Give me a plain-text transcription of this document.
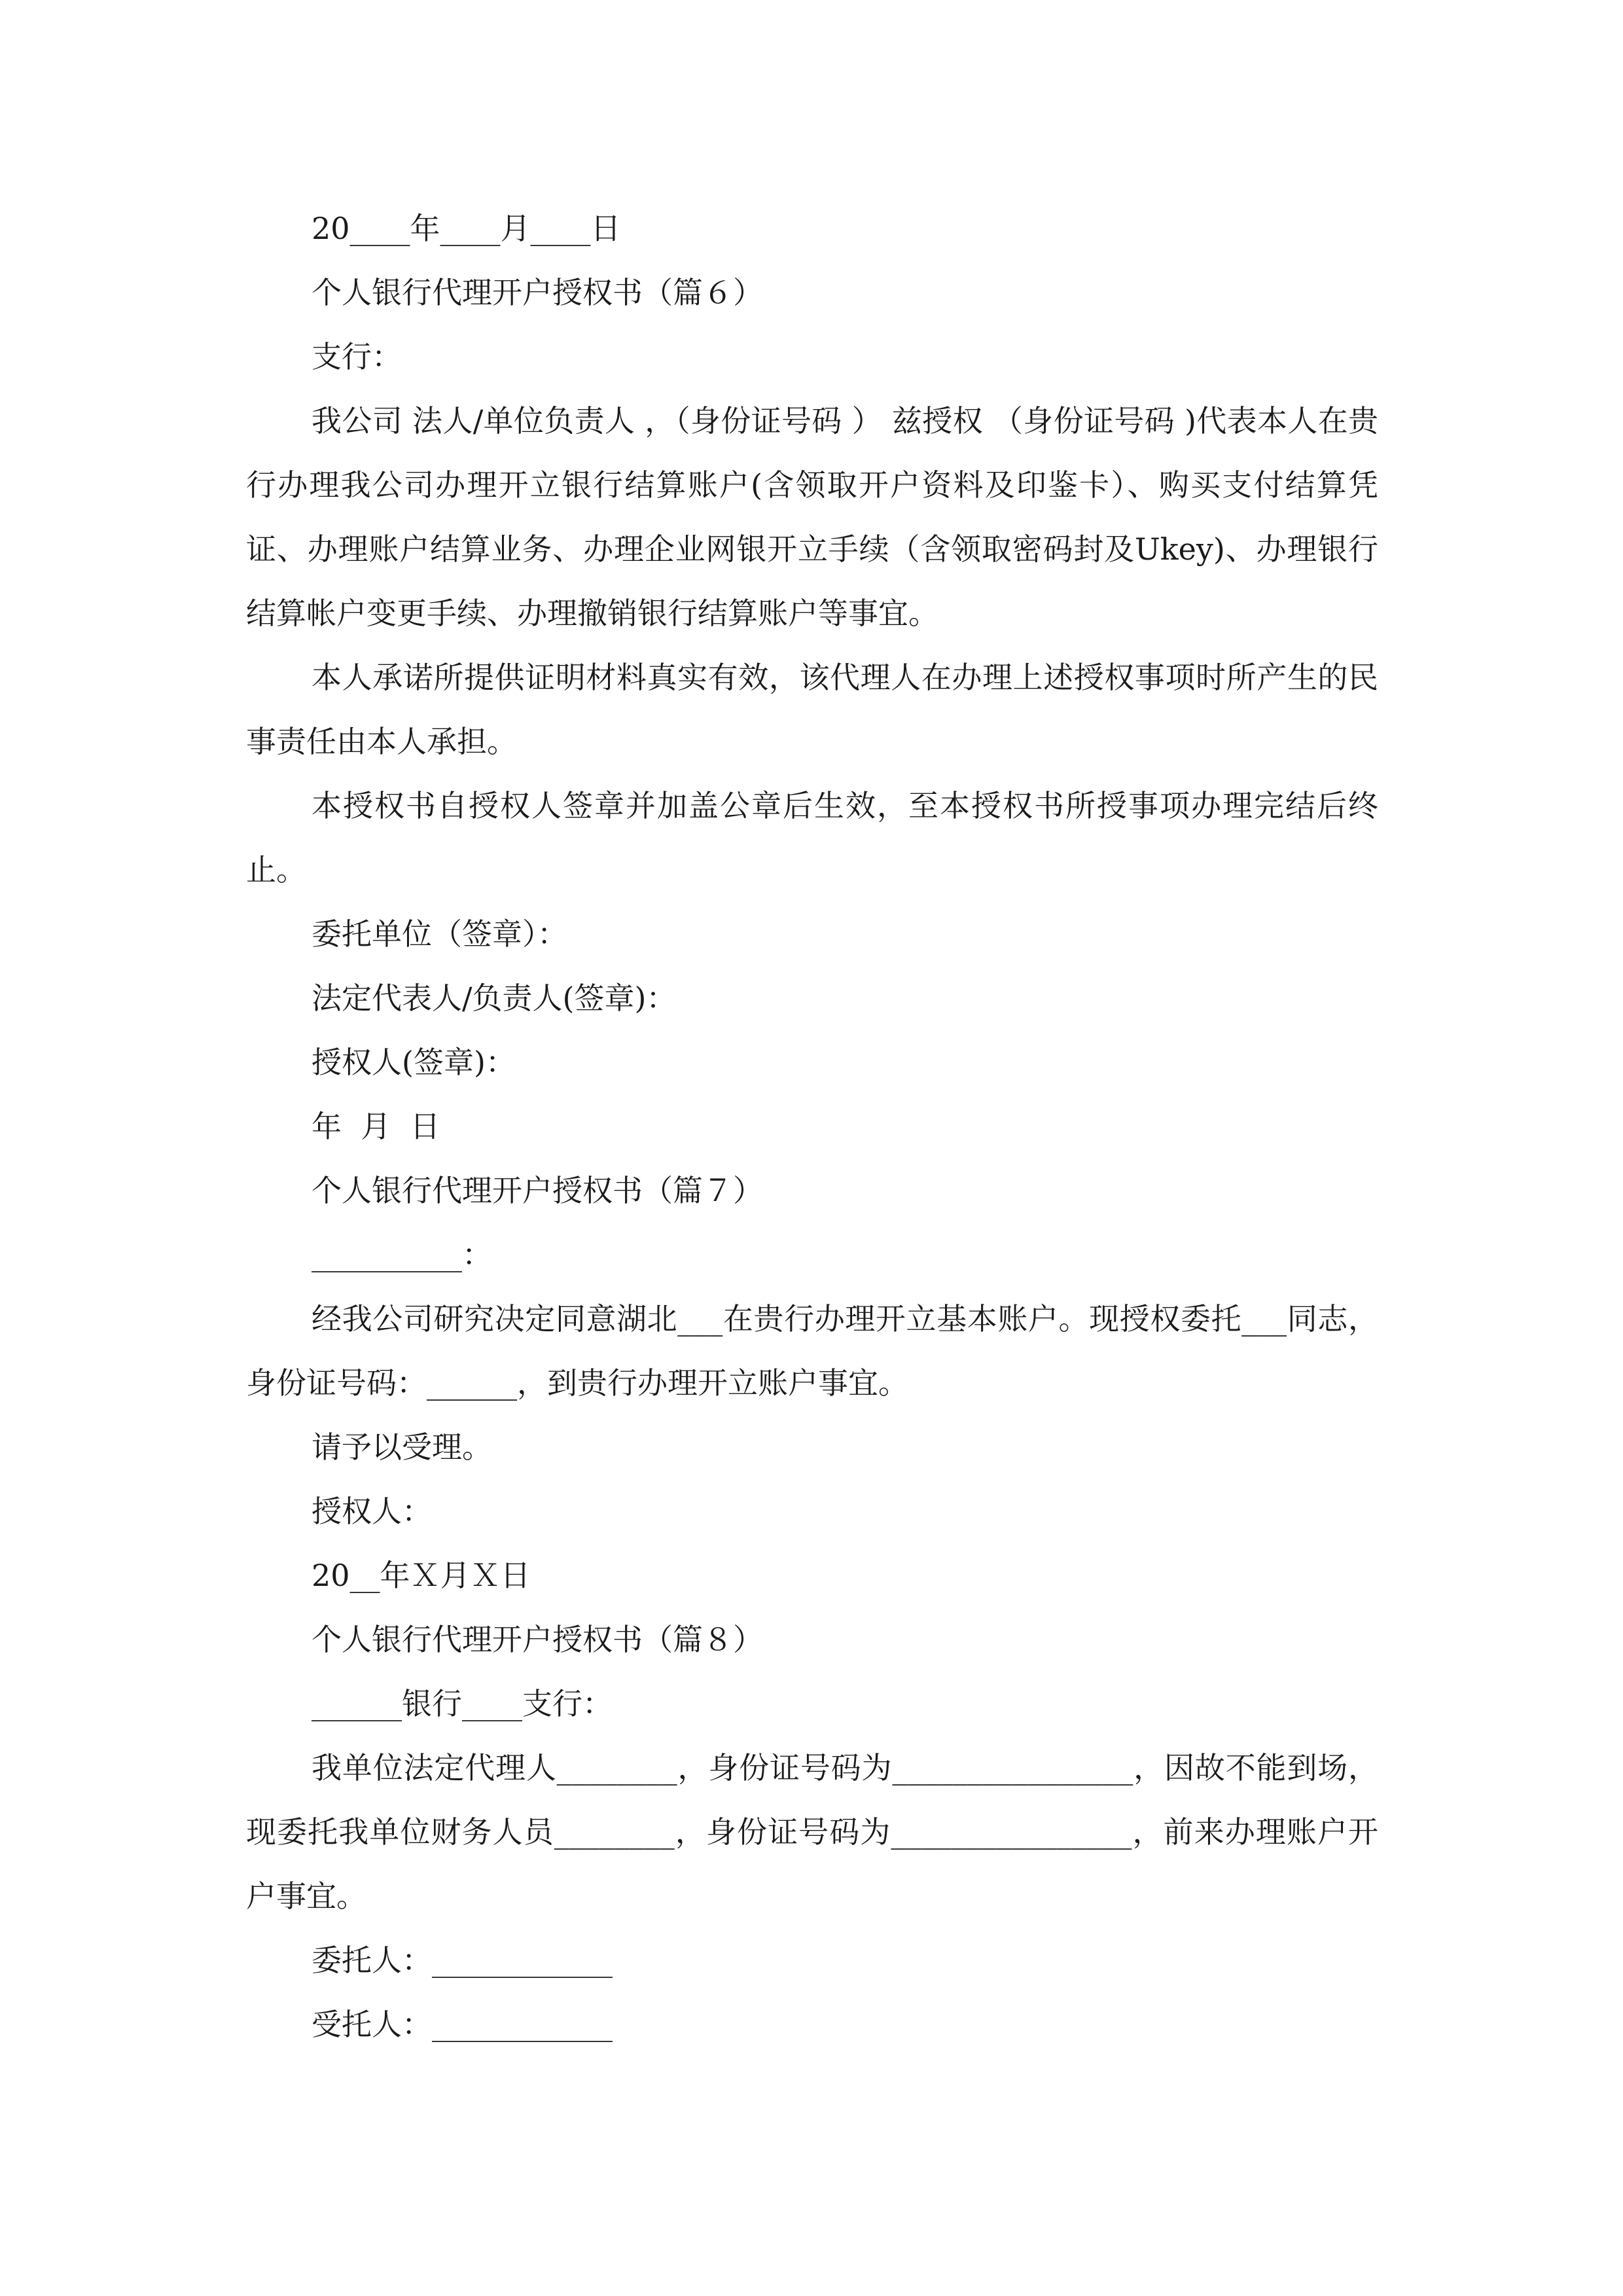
20____年____月____日

个人银行代理开户授权书（篇６）

支行：

我公司 法人/单位负责人 ，（身份证号码 ） 兹授权 （身份证号码 )代表本人在贵行办理我公司办理开立银行结算账户(含领取开户资料及印鉴卡）、购买支付结算凭证、办理账户结算业务、办理企业网银开立手续（含领取密码封及Ukey)、办理银行结算帐户变更手续、办理撤销银行结算账户等事宜。

本人承诺所提供证明材料真实有效，该代理人在办理上述授权事项时所产生的民事责任由本人承担。

本授权书自授权人签章并加盖公章后生效，至本授权书所授事项办理完结后终止。

委托单位（签章）：

法定代表人/负责人(签章)：

授权人(签章)：

年  月  日

个人银行代理开户授权书（篇７）

__________：

经我公司研究决定同意湖北___在贵行办理开立基本账户。现授权委托___同志，身份证号码：______，到贵行办理开立账户事宜。

请予以受理。

授权人：

20__年Ｘ月Ｘ日

个人银行代理开户授权书（篇８）

______银行____支行：

我单位法定代理人________，身份证号码为________________，因故不能到场，现委托我单位财务人员________，身份证号码为________________，前来办理账户开户事宜。

委托人：____________

受托人：____________
